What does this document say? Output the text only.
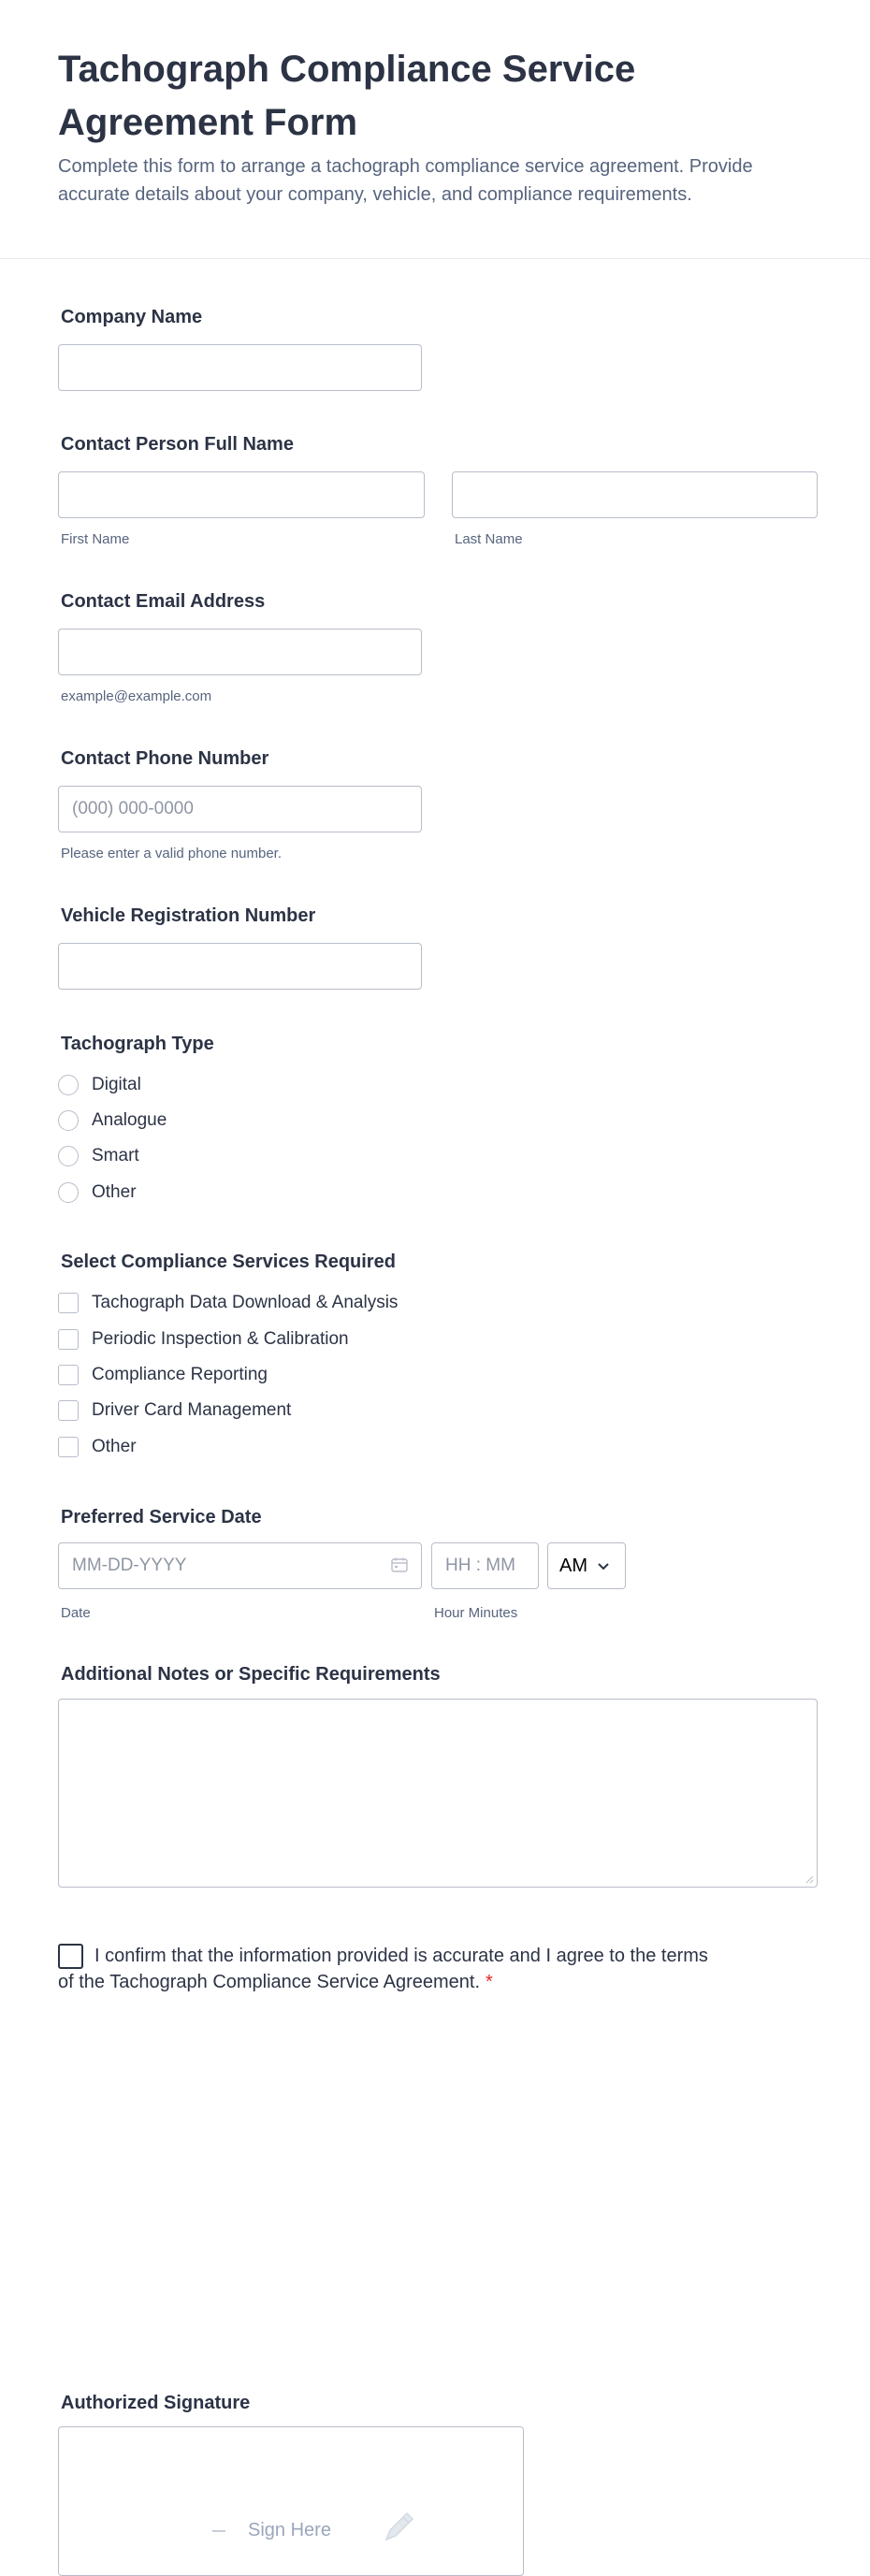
Tachograph Compliance Service Agreement Form

Complete this form to arrange a tachograph compliance service agreement. Provide accurate details about your company, vehicle, and compliance requirements.

Company Name
Contact Person Full Name
First Name	Last Name
Contact Email Address
example@example.com
Contact Phone Number
(000) 000-0000
Please enter a valid phone number.
Vehicle Registration Number
Tachograph Type
Digital
Analogue
Smart
Other
Select Compliance Services Required
Tachograph Data Download & Analysis
Periodic Inspection & Calibration
Compliance Reporting
Driver Card Management
Other
Preferred Service Date
MM-DD-YYYY
HH : MM
AM
Date	Hour Minutes
Additional Notes or Specific Requirements

I confirm that the information provided is accurate and I agree to the terms of the Tachograph Compliance Service Agreement. *

Authorized Signature
Sign Here
